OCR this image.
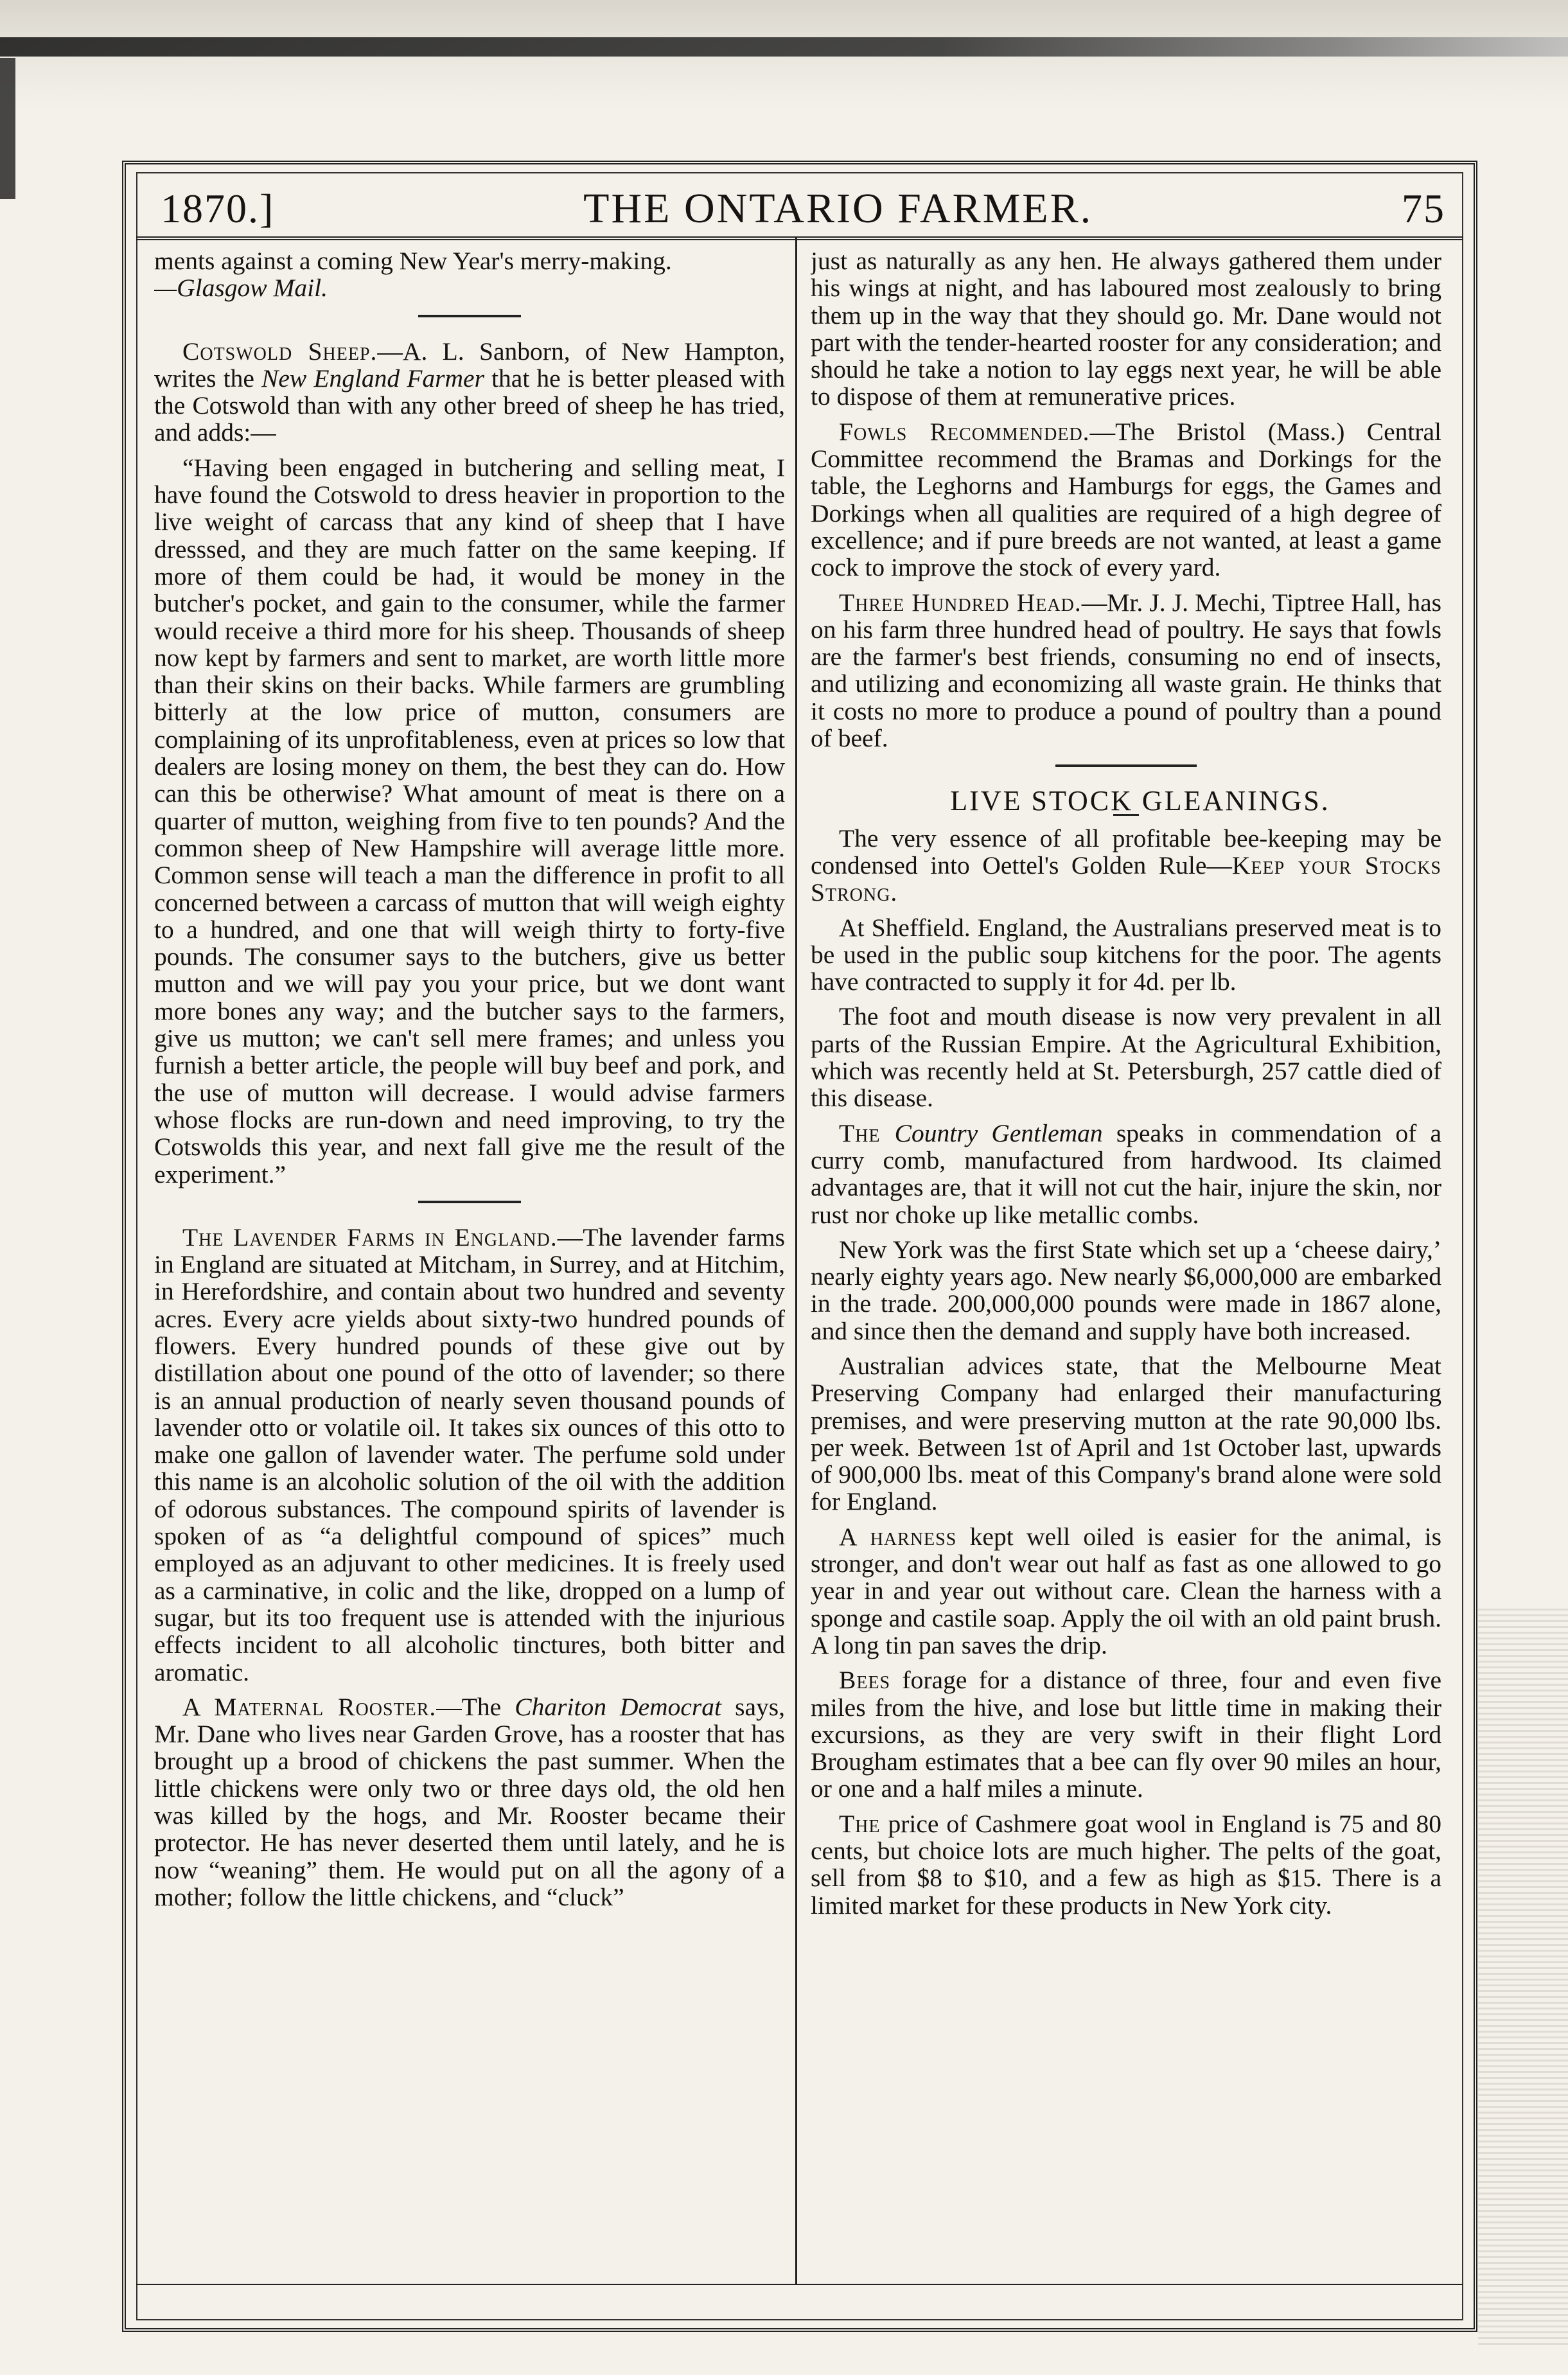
1870.]	THE ONTARIO FARMER.	75

ments against a coming New Year's merry-making.
—Glasgow Mail.

Cotswold Sheep.—A. L. Sanborn, of New Hampton, writes the New England Farmer that he is better pleased with the Cotswold than with any other breed of sheep he has tried, and adds:—

“Having been engaged in butchering and selling meat, I have found the Cotswold to dress heavier in proportion to the live weight of carcass that any kind of sheep that I have dresssed, and they are much fatter on the same keeping. If more of them could be had, it would be money in the butcher's pocket, and gain to the consumer, while the farmer would receive a third more for his sheep. Thousands of sheep now kept by farmers and sent to market, are worth little more than their skins on their backs. While farmers are grumbling bitterly at the low price of mutton, consumers are complaining of its unprofitableness, even at prices so low that dealers are losing money on them, the best they can do. How can this be otherwise? What amount of meat is there on a quarter of mutton, weighing from five to ten pounds? And the common sheep of New Hampshire will average little more. Common sense will teach a man the difference in profit to all concerned between a carcass of mutton that will weigh eighty to a hundred, and one that will weigh thirty to forty-five pounds. The consumer says to the butchers, give us better mutton and we will pay you your price, but we dont want more bones any way; and the butcher says to the farmers, give us mutton; we can't sell mere frames; and unless you furnish a better article, the people will buy beef and pork, and the use of mutton will decrease. I would advise farmers whose flocks are run-down and need improving, to try the Cotswolds this year, and next fall give me the result of the experiment.”

The Lavender Farms in England.—The lavender farms in England are situated at Mitcham, in Surrey, and at Hitchim, in Herefordshire, and contain about two hundred and seventy acres. Every acre yields about sixty-two hundred pounds of flowers. Every hundred pounds of these give out by distillation about one pound of the otto of lavender; so there is an annual production of nearly seven thousand pounds of lavender otto or volatile oil. It takes six ounces of this otto to make one gallon of lavender water. The perfume sold under this name is an alcoholic solution of the oil with the addition of odorous substances. The compound spirits of lavender is spoken of as “a delightful compound of spices” much employed as an adjuvant to other medicines. It is freely used as a carminative, in colic and the like, dropped on a lump of sugar, but its too frequent use is attended with the injurious effects incident to all alcoholic tinctures, both bitter and aromatic.

A Maternal Rooster.—The Chariton Democrat says, Mr. Dane who lives near Garden Grove, has a rooster that has brought up a brood of chickens the past summer. When the little chickens were only two or three days old, the old hen was killed by the hogs, and Mr. Rooster became their protector. He has never deserted them until lately, and he is now “weaning” them. He would put on all the agony of a mother; follow the little chickens, and “cluck”

just as naturally as any hen. He always gathered them under his wings at night, and has laboured most zealously to bring them up in the way that they should go. Mr. Dane would not part with the tender-hearted rooster for any consideration; and should he take a notion to lay eggs next year, he will be able to dispose of them at remunerative prices.

Fowls Recommended.—The Bristol (Mass.) Central Committee recommend the Bramas and Dorkings for the table, the Leghorns and Hamburgs for eggs, the Games and Dorkings when all qualities are required of a high degree of excellence; and if pure breeds are not wanted, at least a game cock to improve the stock of every yard.

Three Hundred Head.—Mr. J. J. Mechi, Tiptree Hall, has on his farm three hundred head of poultry. He says that fowls are the farmer's best friends, consuming no end of insects, and utilizing and economizing all waste grain. He thinks that it costs no more to produce a pound of poultry than a pound of beef.

LIVE STOCK GLEANINGS.

The very essence of all profitable bee-keeping may be condensed into Oettel's Golden Rule—Keep your Stocks Strong.

At Sheffield. England, the Australians preserved meat is to be used in the public soup kitchens for the poor. The agents have contracted to supply it for 4d. per lb.

The foot and mouth disease is now very prevalent in all parts of the Russian Empire. At the Agricultural Exhibition, which was recently held at St. Petersburgh, 257 cattle died of this disease.

The Country Gentleman speaks in commendation of a curry comb, manufactured from hardwood. Its claimed advantages are, that it will not cut the hair, injure the skin, nor rust nor choke up like metallic combs.

New York was the first State which set up a ‘cheese dairy,’ nearly eighty years ago. New nearly $6,000,000 are embarked in the trade. 200,000,000 pounds were made in 1867 alone, and since then the demand and supply have both increased.

Australian advices state, that the Melbourne Meat Preserving Company had enlarged their manufacturing premises, and were preserving mutton at the rate 90,000 lbs. per week. Between 1st of April and 1st October last, upwards of 900,000 lbs. meat of this Company's brand alone were sold for England.

A harness kept well oiled is easier for the animal, is stronger, and don't wear out half as fast as one allowed to go year in and year out without care. Clean the harness with a sponge and castile soap. Apply the oil with an old paint brush. A long tin pan saves the drip.

Bees forage for a distance of three, four and even five miles from the hive, and lose but little time in making their excursions, as they are very swift in their flight Lord Brougham estimates that a bee can fly over 90 miles an hour, or one and a half miles a minute.

The price of Cashmere goat wool in England is 75 and 80 cents, but choice lots are much higher. The pelts of the goat, sell from $8 to $10, and a few as high as $15. There is a limited market for these products in New York city.
